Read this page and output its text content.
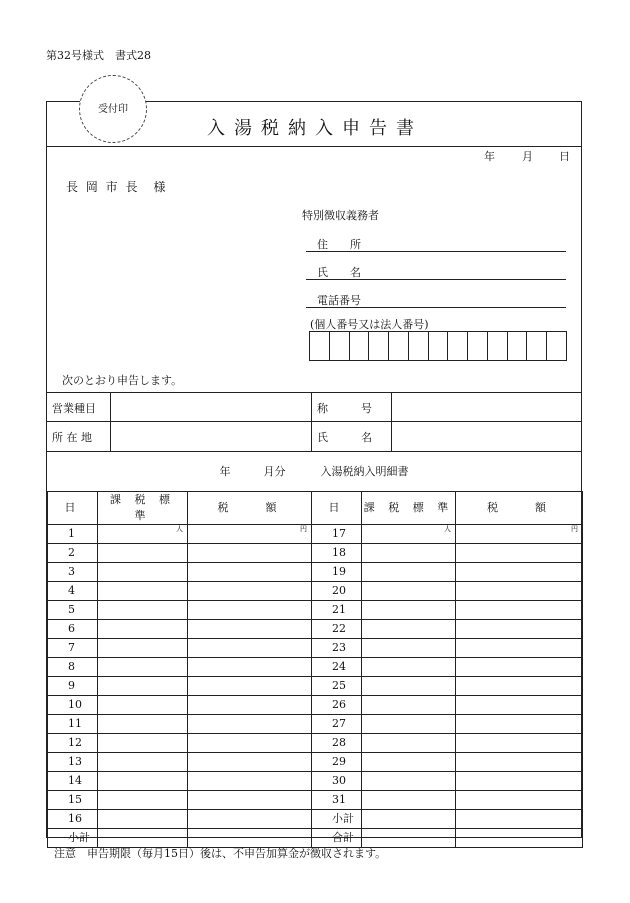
第32号様式　書式28
営業種目	称　　　号
所 在 地	氏　　　名
年	月分	入湯税納入明細書
日	課 税 標 準	税　　額	日	課 税 標 準	税　　額
1	人	円	17	人	円

2			18		
3			19		
4			20		
5			21		
6			22		
7			23		
8			24		
9			25		
10			26		
11			27		
12			28		
13			29		
14			30		
15			31		
16			小計		
小計			合計		
受付印
入湯税納入申告書
年 月 日
長 岡 市 長　様
特別徴収義務者
住　　所
氏　　名
電話番号
(個人番号又は法人番号)
次のとおり申告します。
注意　申告期限（毎月15日）後は、不申告加算金が徴収されます。
